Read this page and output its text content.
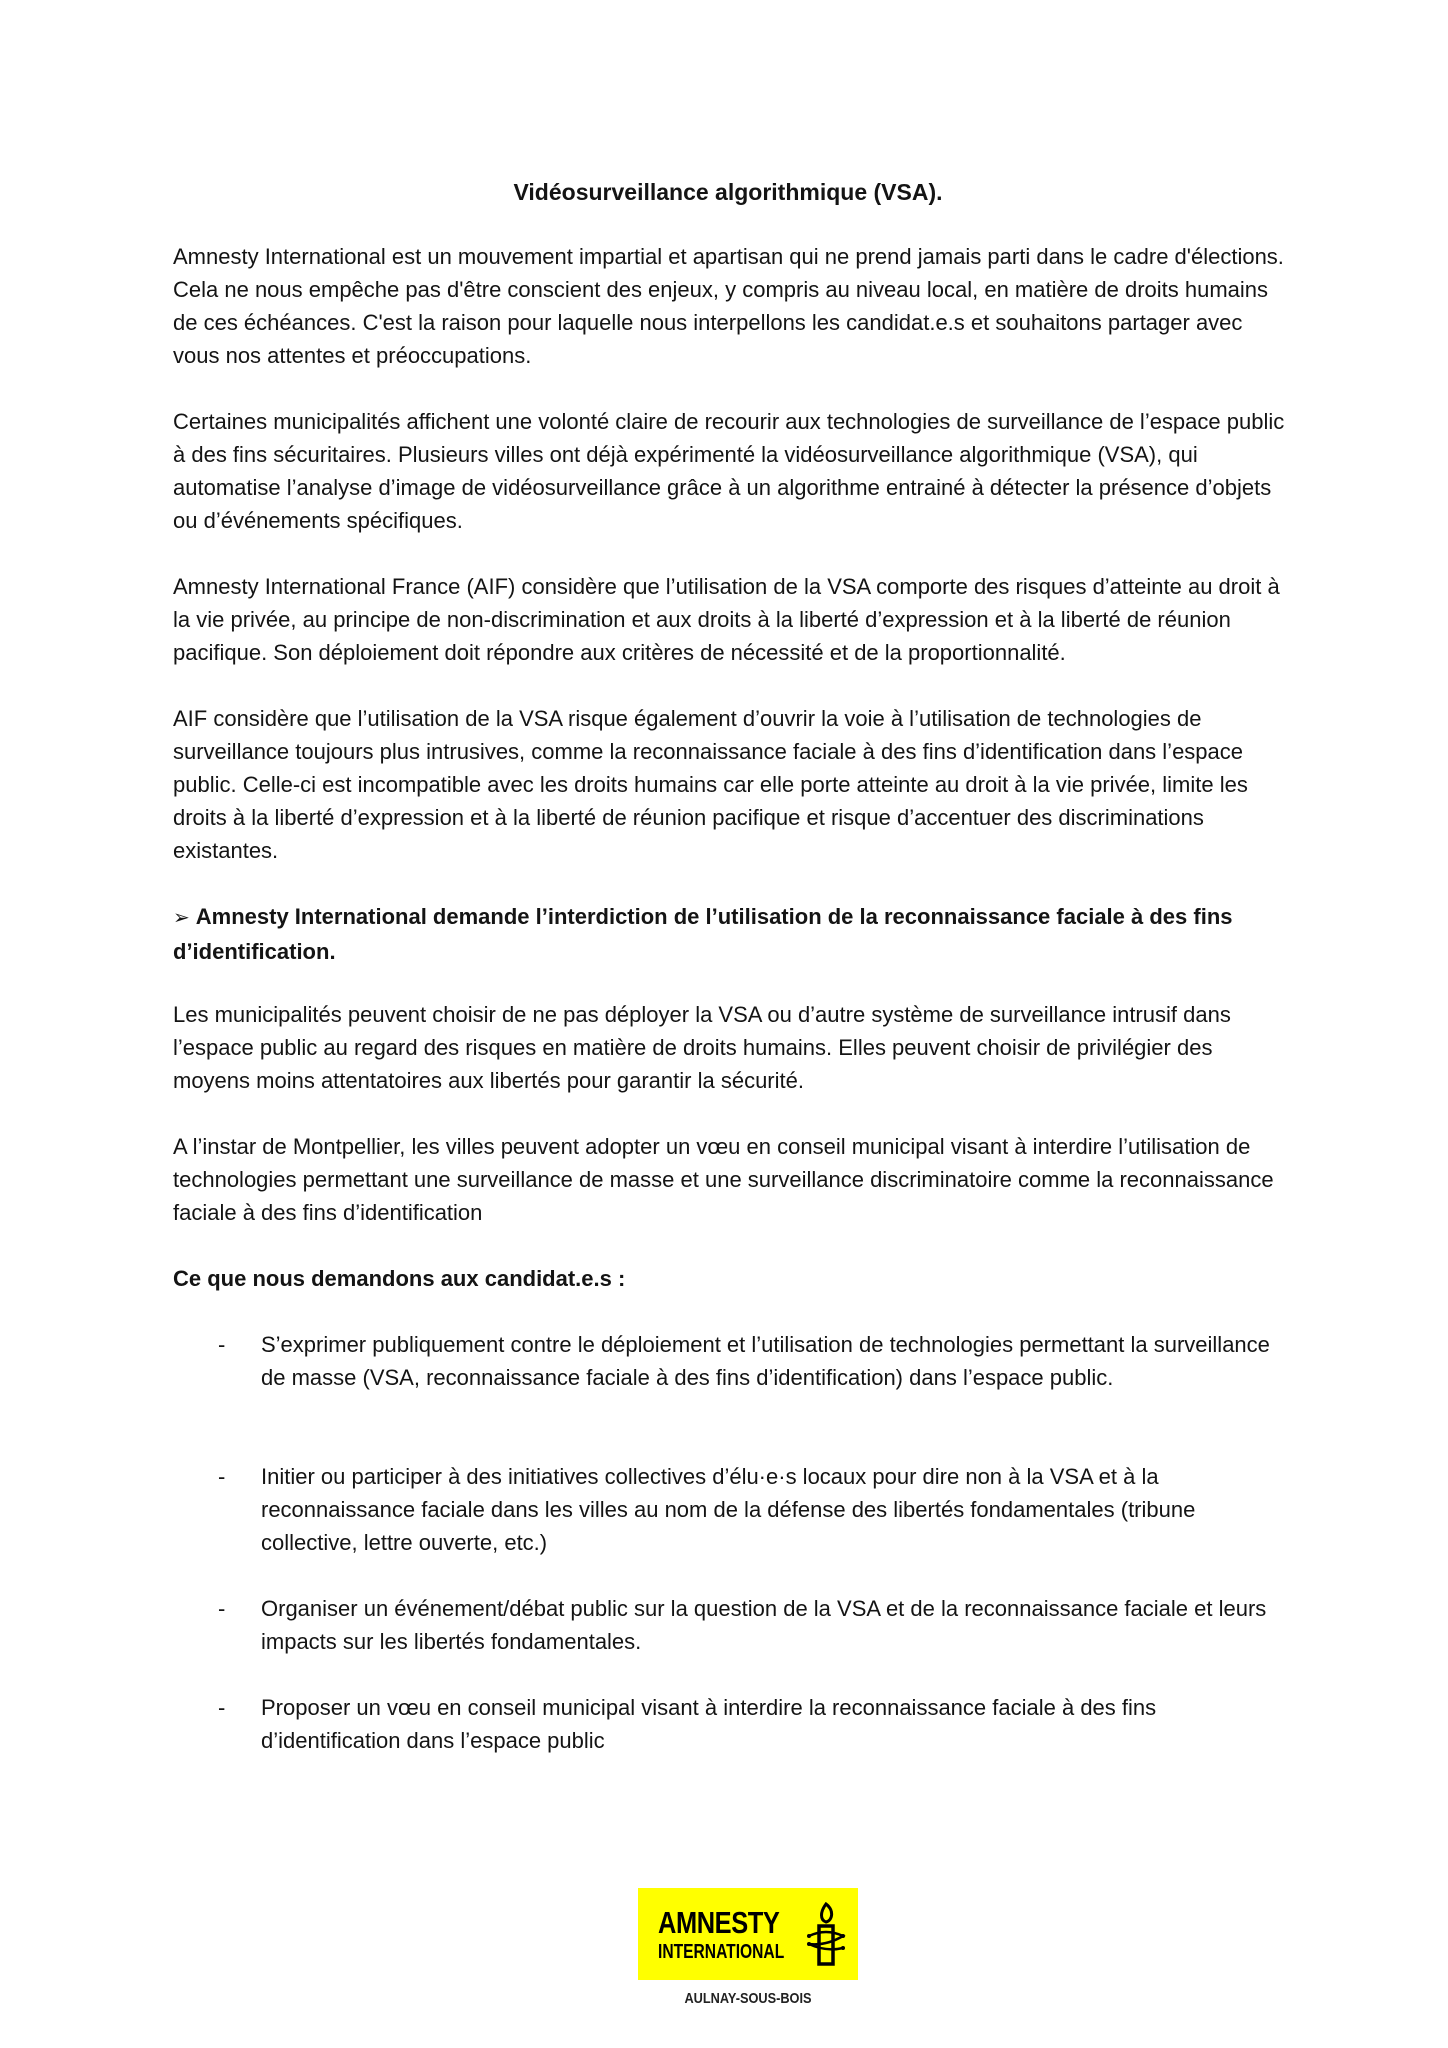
Vidéosurveillance algorithmique (VSA).

Amnesty International est un mouvement impartial et apartisan qui ne prend jamais parti dans le cadre d'élections. Cela ne nous empêche pas d'être conscient des enjeux, y compris au niveau local, en matière de droits humains de ces échéances. C'est la raison pour laquelle nous interpellons les candidat.e.s et souhaitons partager avec vous nos attentes et préoccupations.

Certaines municipalités affichent une volonté claire de recourir aux technologies de surveillance de l’espace public à des fins sécuritaires. Plusieurs villes ont déjà expérimenté la vidéosurveillance algorithmique (VSA), qui automatise l’analyse d’image de vidéosurveillance grâce à un algorithme entrainé à détecter la présence d’objets ou d’événements spécifiques.

Amnesty International France (AIF) considère que l’utilisation de la VSA comporte des risques d’atteinte au droit à la vie privée, au principe de non-discrimination et aux droits à la liberté d’expression et à la liberté de réunion pacifique. Son déploiement doit répondre aux critères de nécessité et de la proportionnalité.

AIF considère que l’utilisation de la VSA risque également d’ouvrir la voie à l’utilisation de technologies de surveillance toujours plus intrusives, comme la reconnaissance faciale à des fins d’identification dans l’espace public. Celle-ci est incompatible avec les droits humains car elle porte atteinte au droit à la vie privée, limite les droits à la liberté d’expression et à la liberté de réunion pacifique et risque d’accentuer des discriminations existantes.

➢ Amnesty International demande l’interdiction de l’utilisation de la reconnaissance faciale à des fins d’identification.

Les municipalités peuvent choisir de ne pas déployer la VSA ou d’autre système de surveillance intrusif dans l’espace public au regard des risques en matière de droits humains. Elles peuvent choisir de privilégier des moyens moins attentatoires aux libertés pour garantir la sécurité.

A l’instar de Montpellier, les villes peuvent adopter un vœu en conseil municipal visant à interdire l’utilisation de technologies permettant une surveillance de masse et une surveillance discriminatoire comme la reconnaissance faciale à des fins d’identification

Ce que nous demandons aux candidat.e.s :

- S’exprimer publiquement contre le déploiement et l’utilisation de technologies permettant la surveillance de masse (VSA, reconnaissance faciale à des fins d’identification) dans l’espace public.
- Initier ou participer à des initiatives collectives d’élu·e·s locaux pour dire non à la VSA et à la reconnaissance faciale dans les villes au nom de la défense des libertés fondamentales (tribune collective, lettre ouverte, etc.)
- Organiser un événement/débat public sur la question de la VSA et de la reconnaissance faciale et leurs impacts sur les libertés fondamentales.
- Proposer un vœu en conseil municipal visant à interdire la reconnaissance faciale à des fins d’identification dans l’espace public
AMNESTY
INTERNATIONAL
AULNAY-SOUS-BOIS
